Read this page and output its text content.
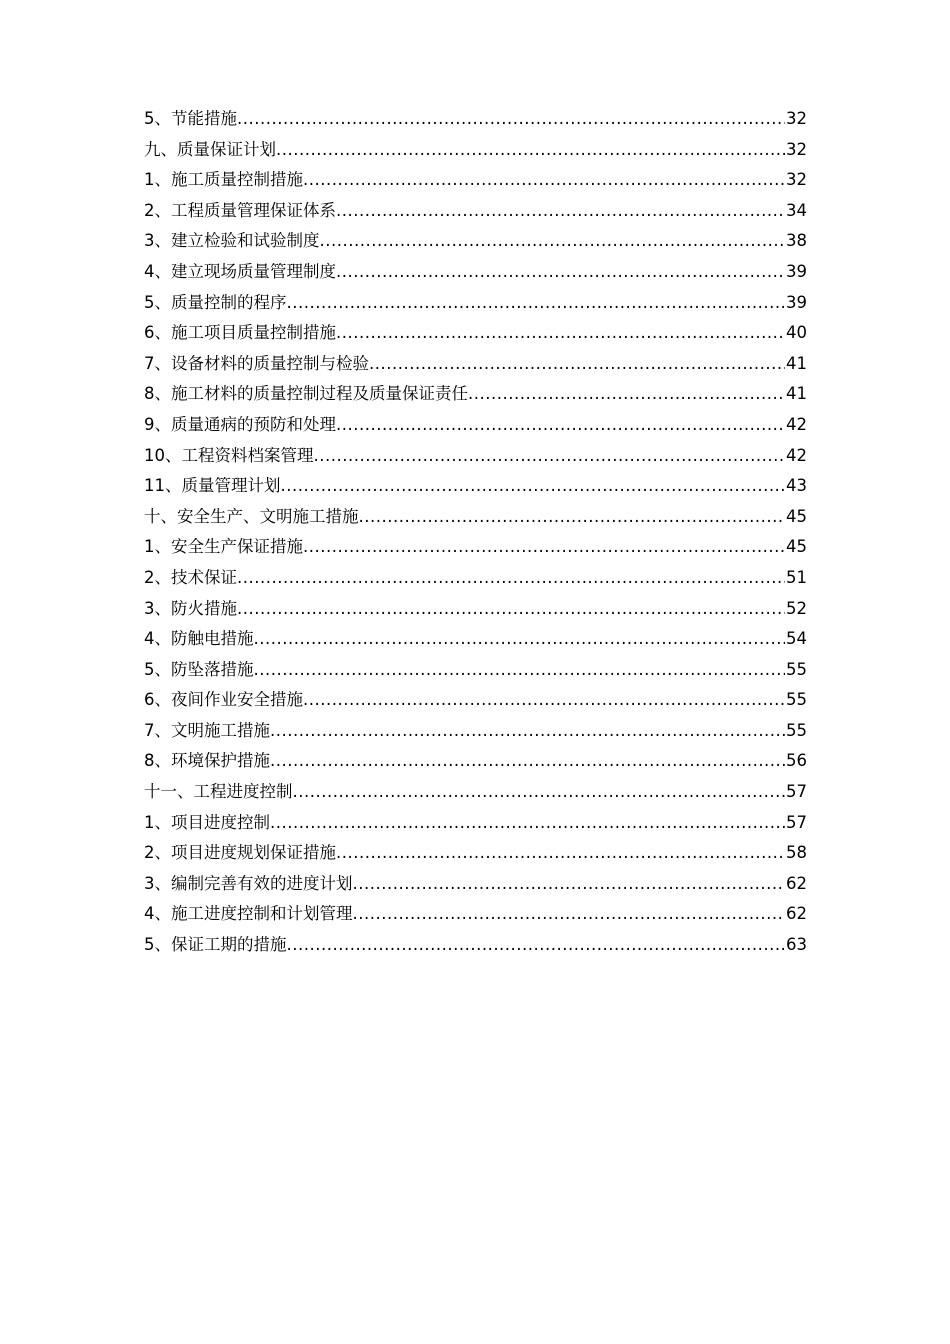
5、节能措施 .....	32
九、质量保证计划 .....	32
1、施工质量控制措施 .....	32
2、工程质量管理保证体系 .....	34
3、建立检验和试验制度 .....	38
4、建立现场质量管理制度 .....	39
5、质量控制的程序 .....	39
6、施工项目质量控制措施 .....	40
7、设备材料的质量控制与检验 .....	41
8、施工材料的质量控制过程及质量保证责任 .....	41
9、质量通病的预防和处理 .....	42
10、工程资料档案管理 .....	42
11、质量管理计划 .....	43
十、安全生产、文明施工措施 .....	45
1、安全生产保证措施 .....	45
2、技术保证 .....	51
3、防火措施 .....	52
4、防触电措施 .....	54
5、防坠落措施 .....	55
6、夜间作业安全措施 .....	55
7、文明施工措施 .....	55
8、环境保护措施 .....	56
十一、工程进度控制 .....	57
1、项目进度控制 .....	57
2、项目进度规划保证措施 .....	58
3、编制完善有效的进度计划 .....	62
4、施工进度控制和计划管理 .....	62
5、保证工期的措施 .....	63
